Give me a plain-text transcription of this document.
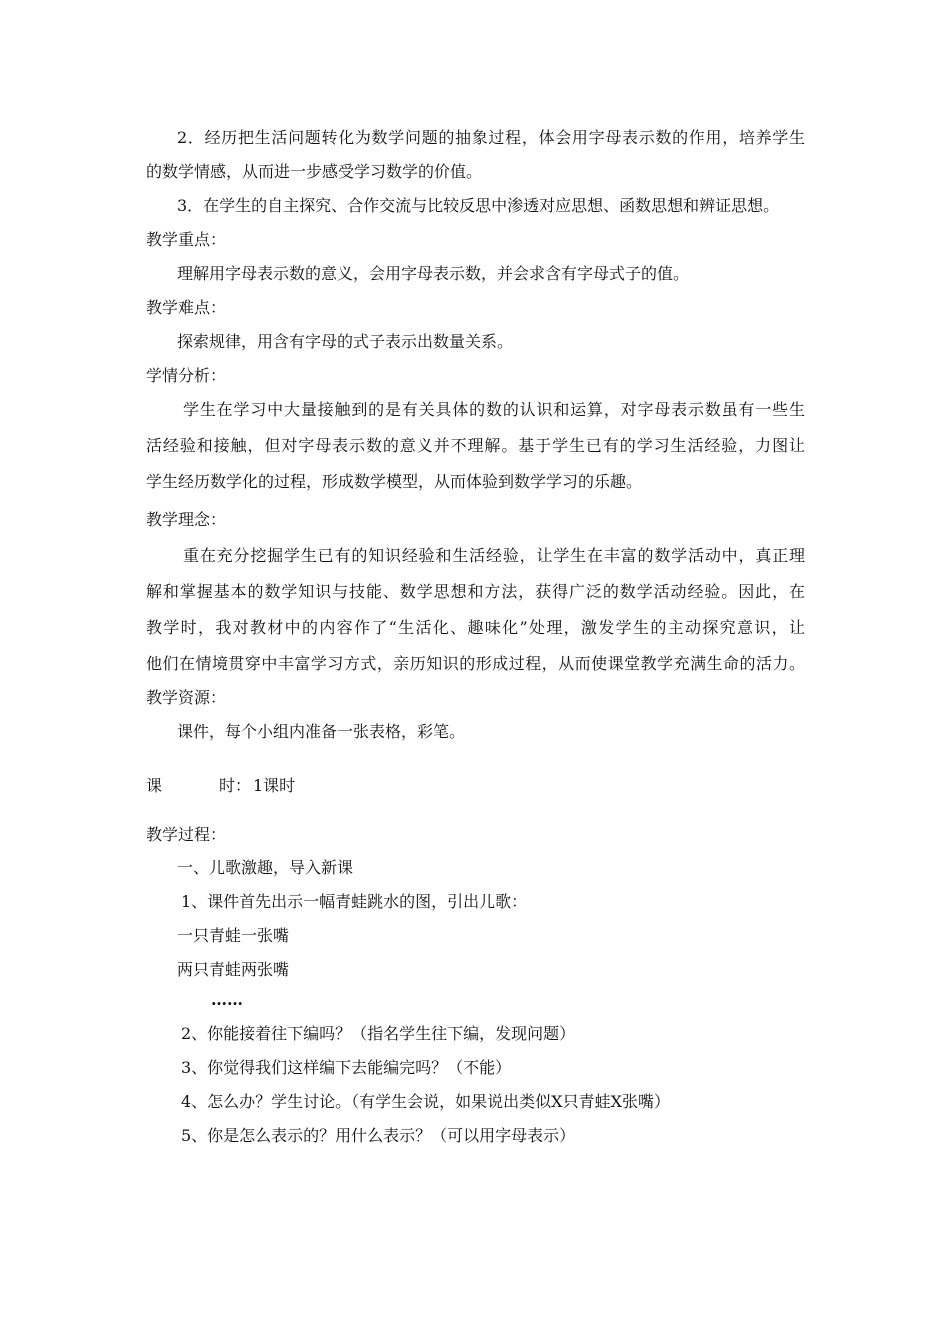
2．经历把生活问题转化为数学问题的抽象过程，体会用字母表示数的作用，培养学生
的数学情感，从而进一步感受学习数学的价值。
3．在学生的自主探究、合作交流与比较反思中渗透对应思想、函数思想和辨证思想。
教学重点：
理解用字母表示数的意义，会用字母表示数，并会求含有字母式子的值。
教学难点：
探索规律，用含有字母的式子表示出数量关系。
学情分析：
学生在学习中大量接触到的是有关具体的数的认识和运算，对字母表示数虽有一些生
活经验和接触，但对字母表示数的意义并不理解。基于学生已有的学习生活经验，力图让
学生经历数学化的过程，形成数学模型，从而体验到数学学习的乐趣。
教学理念：
重在充分挖掘学生已有的知识经验和生活经验，让学生在丰富的数学活动中，真正理
解和掌握基本的数学知识与技能、数学思想和方法，获得广泛的数学活动经验。因此，在
教学时，我对教材中的内容作了“生活化、趣味化”处理，激发学生的主动探究意识，让
他们在情境贯穿中丰富学习方式，亲历知识的形成过程，从而使课堂教学充满生命的活力。
教学资源：
课件，每个小组内准备一张表格，彩笔。
课	时： 1课时
教学过程：
一、儿歌激趣，导入新课
1、课件首先出示一幅青蛙跳水的图，引出儿歌：
一只青蛙一张嘴
两只青蛙两张嘴
……
2、你能接着往下编吗？（指名学生往下编，发现问题）
3、你觉得我们这样编下去能编完吗？（不能）
4、怎么办？学生讨论。（有学生会说，如果说出类似X只青蛙X张嘴）
5、你是怎么表示的？用什么表示？（可以用字母表示）
